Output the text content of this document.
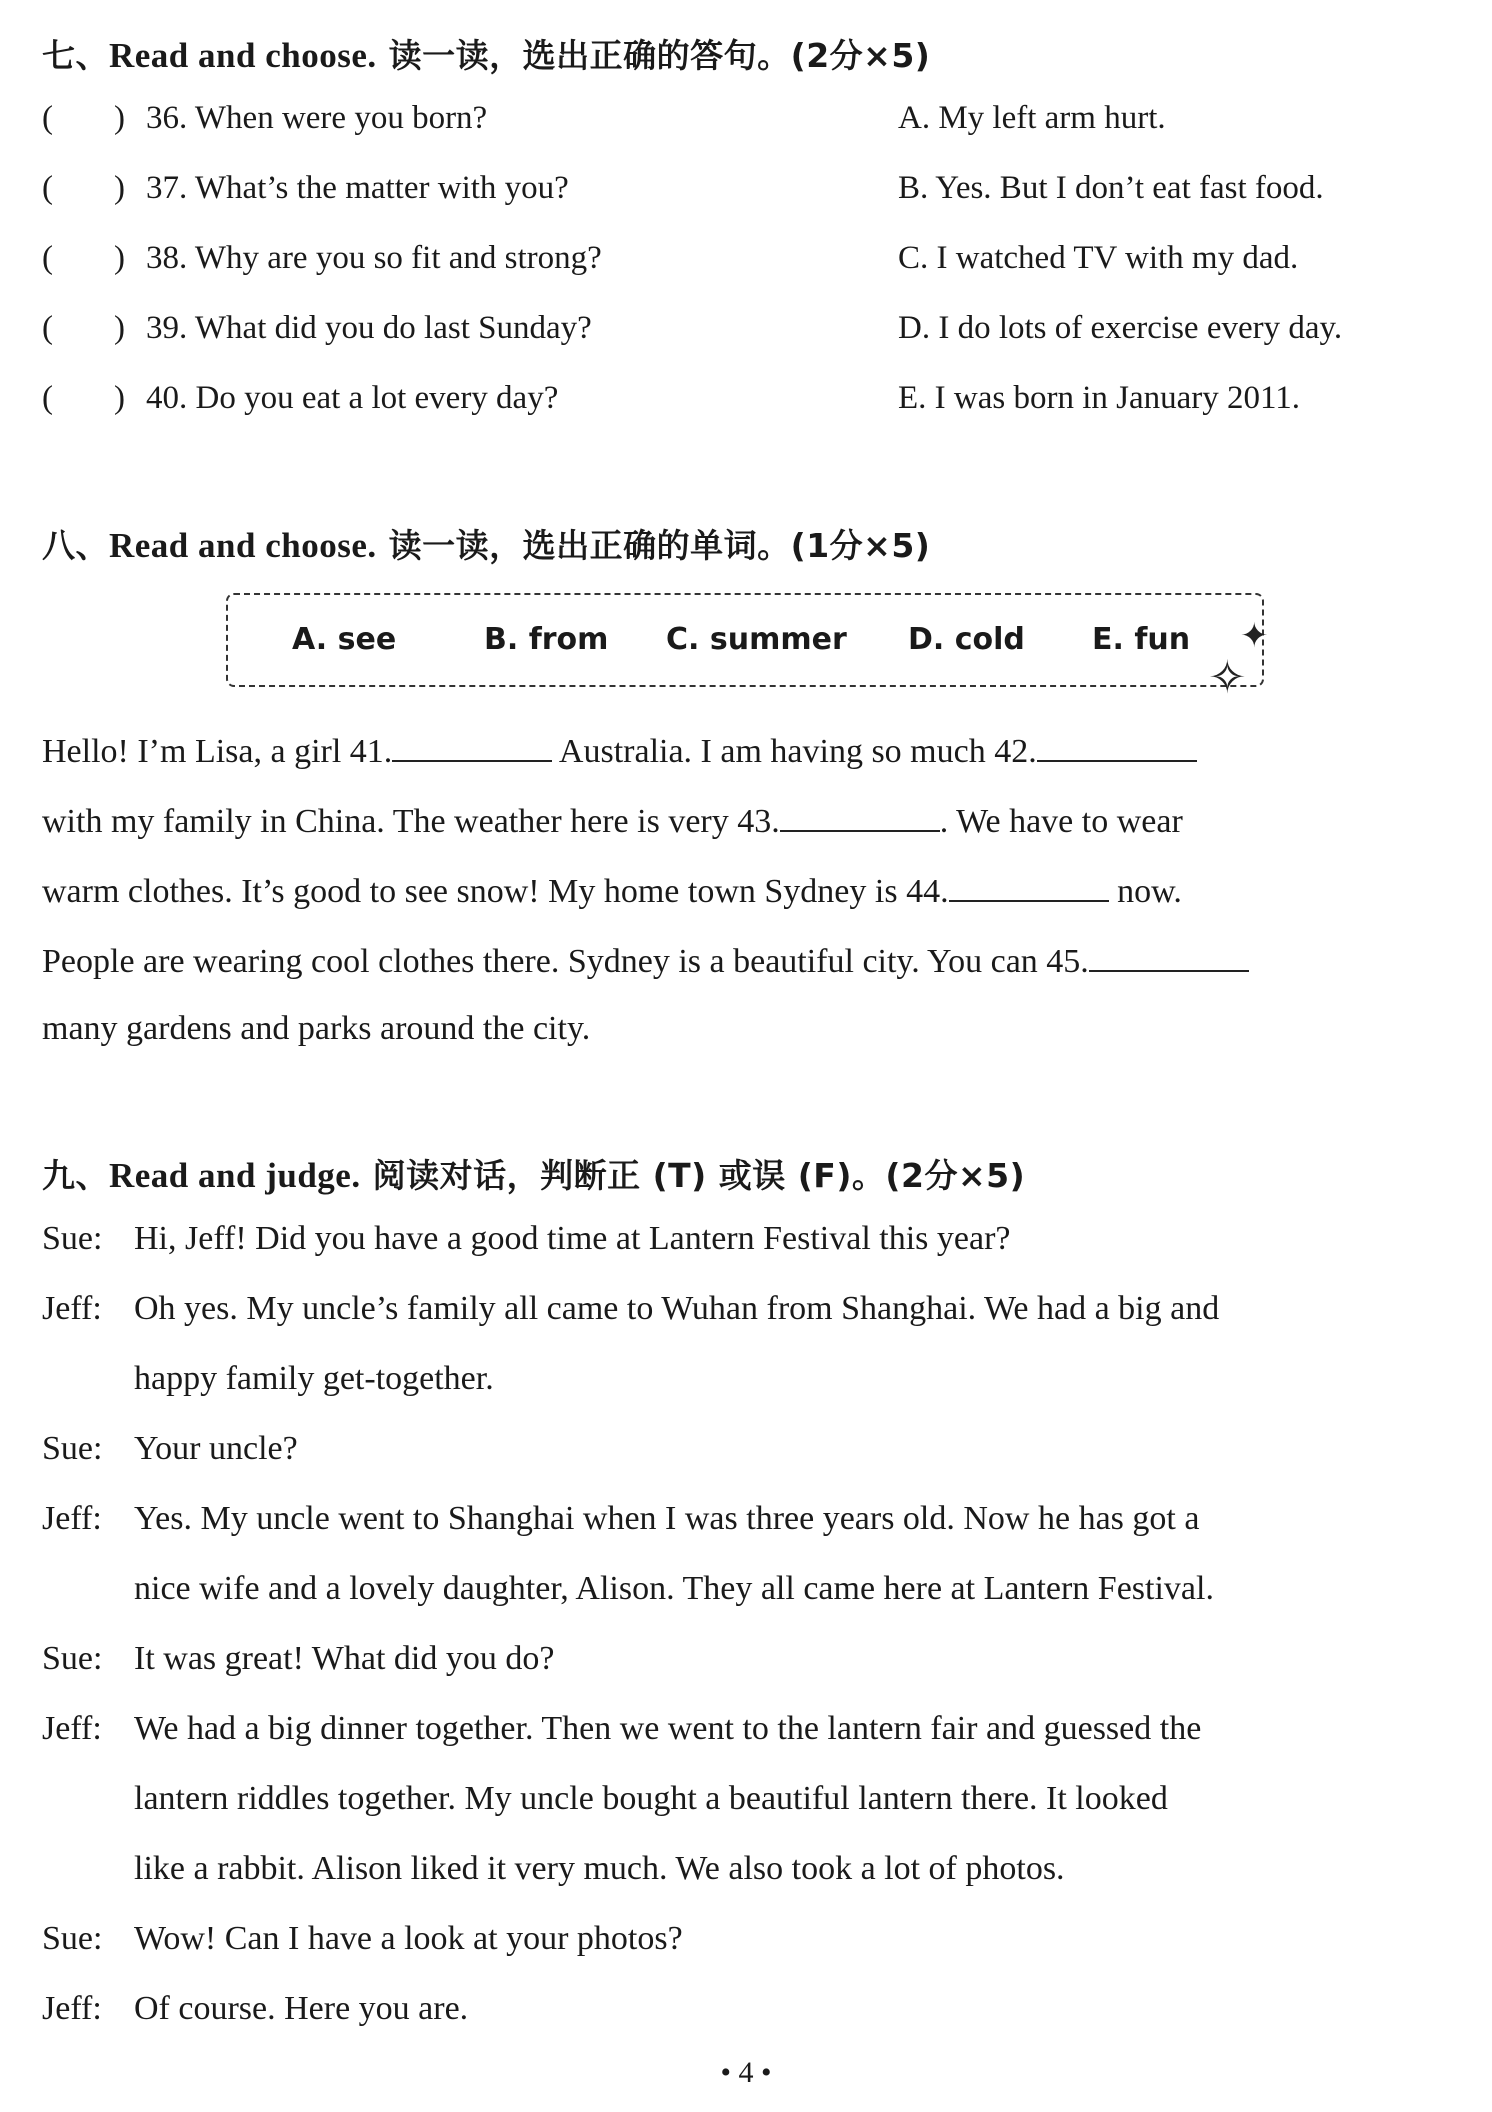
七、Read and choose. 读一读，选出正确的答句。(2分×5)
( ) 36. When were you born?	A. My left arm hurt.
( ) 37. What’s the matter with you?	B. Yes. But I don’t eat fast food.
( ) 38. Why are you so fit and strong?	C. I watched TV with my dad.
( ) 39. What did you do last Sunday?	D. I do lots of exercise every day.
( ) 40. Do you eat a lot every day?	E. I was born in January 2011.
八、Read and choose. 读一读，选出正确的单词。(1分×5)
A. see	B. from C. summer D. cold E. fun ✦
✧
Hello! I’m Lisa, a girl 41.	Australia. I am having so much 42.
with my family in China. The weather here is very 43.	. We have to wear
warm clothes. It’s good to see snow! My home town Sydney is 44.	now.
People are wearing cool clothes there. Sydney is a beautiful city. You can 45.
many gardens and parks around the city.
九、Read and judge. 阅读对话，判断正 (T) 或误 (F)。(2分×5)
Sue: Hi, Jeff! Did you have a good time at Lantern Festival this year?
Jeff: Oh yes. My uncle’s family all came to Wuhan from Shanghai. We had a big and
happy family get-together.
Sue: Your uncle?
Jeff: Yes. My uncle went to Shanghai when I was three years old. Now he has got a
nice wife and a lovely daughter, Alison. They all came here at Lantern Festival.
Sue: It was great! What did you do?
Jeff: We had a big dinner together. Then we went to the lantern fair and guessed the
lantern riddles together. My uncle bought a beautiful lantern there. It looked
like a rabbit. Alison liked it very much. We also took a lot of photos.
Sue: Wow! Can I have a look at your photos?
Jeff: Of course. Here you are.
• 4 •
